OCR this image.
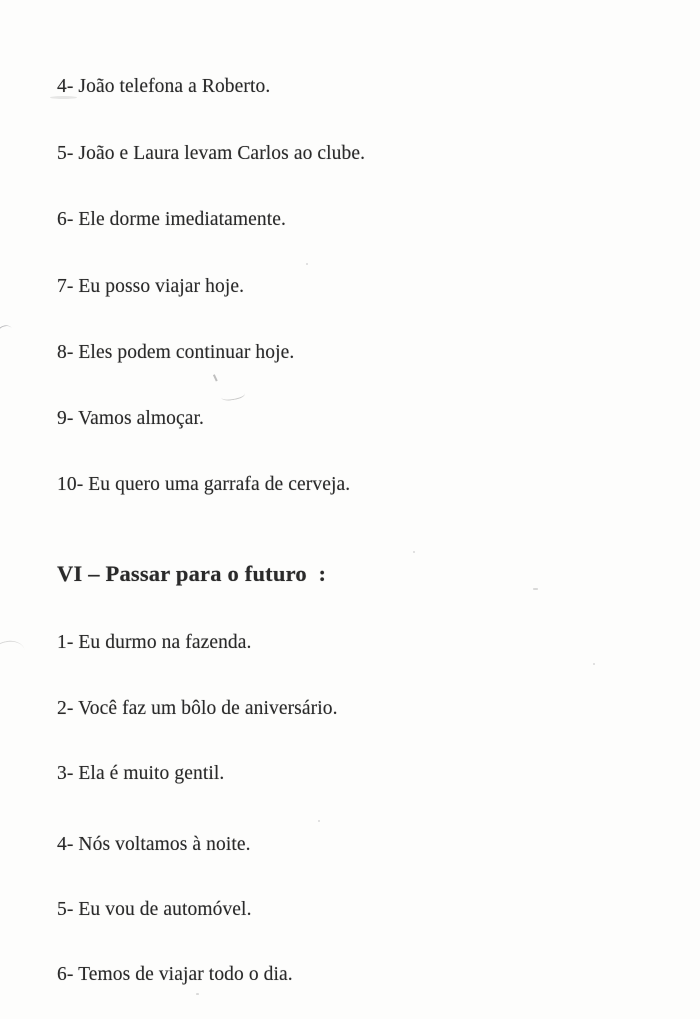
4- João telefona a Roberto.

5- João e Laura levam Carlos ao clube.

6- Ele dorme imediatamente.

7- Eu posso viajar hoje.

8- Eles podem continuar hoje.

9- Vamos almoçar.

10- Eu quero uma garrafa de cerveja.

VI – Passar para o futuro  :

1- Eu durmo na fazenda.

2- Você faz um bôlo de aniversário.

3- Ela é muito gentil.

4- Nós voltamos à noite.

5- Eu vou de automóvel.

6- Temos de viajar todo o dia.
